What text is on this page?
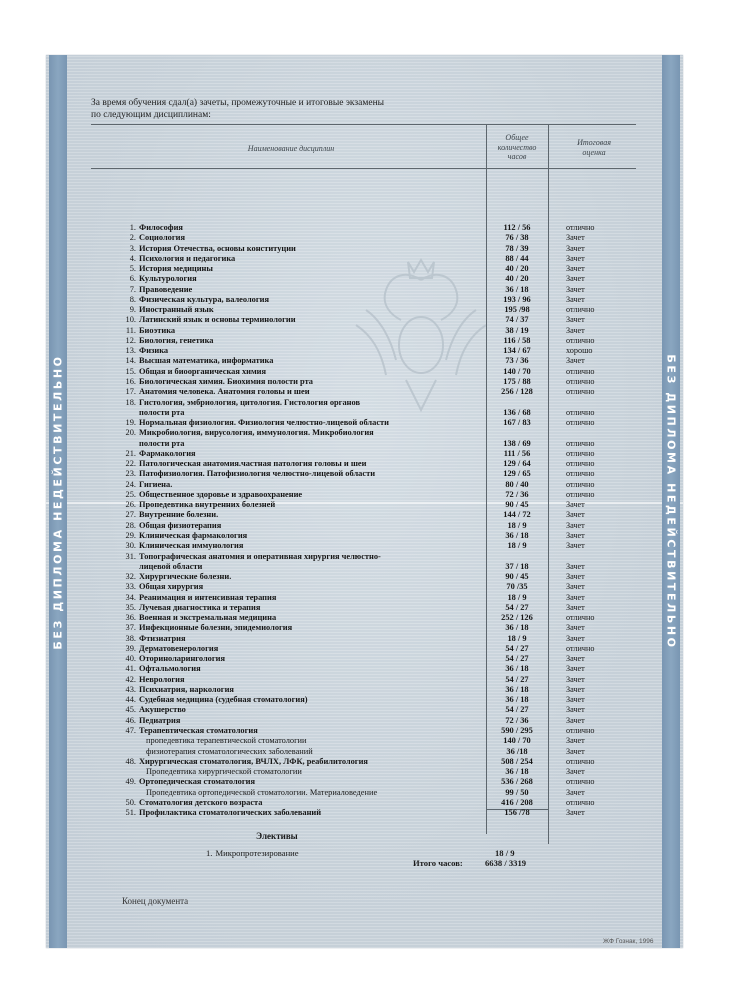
БЕЗ ДИПЛОМА НЕДЕЙСТВИТЕЛЬНО	БЕЗ ДИПЛОМА НЕДЕЙСТВИТЕЛЬНО
За время обучения сдал(а) зачеты, промежуточные и итоговые экзамены
по следующим дисциплинам:
Наименование дисциплин
Общее
количество
часов
Итоговая
оценка
1. Философия	112 / 56	отлично
2. Социология	76 / 38	Зачет
3. История Отечества, основы конституции	78 / 39	Зачет
4. Психология и педагогика	88 / 44	Зачет
5. История медицины	40 / 20	Зачет
6. Культурология	40 / 20	Зачет
7. Правоведение	36 / 18	Зачет
8. Физическая культура, валеология	193 / 96	Зачет
9. Иностранный язык	195 /98	отлично
10. Латинский язык и основы терминологии	74 / 37	Зачет
11. Биоэтика	38 / 19	Зачет
12. Биология, генетика	116 / 58	отлично
13. Физика	134 / 67	хорошо
14. Высшая математика, информатика	73 / 36	Зачет
15. Общая и биоорганическая химия	140 / 70	отлично
16. Биологическая химия. Биохимия полости рта	175 / 88	отлично
17. Анатомия человека. Анатомия головы и шеи	256 / 128	отлично
18. Гистология, эмбриология, цитология. Гистология органов
полости рта	136 / 68	отлично
19. Нормальная физиология. Физиология челюстно-лицевой области	167 / 83	отлично
20. Микробиология, вирусология, иммунология. Микробиология
полости рта	138 / 69	отлично
21. Фармакология	111 / 56	отлично
22. Патологическая анатомия.частная патология головы и шеи	129 / 64	отлично
23. Патофизиология. Патофизиология челюстно-лицевой области	129 / 65	отлично
24. Гигиена.	80 / 40	отлично
25. Общественное здоровье и здравоохранение	72 / 36	отлично
26. Пропедевтика внутренних болезней	90 / 45	Зачет
27. Внутренние болезни.	144 / 72	Зачет
28. Общая физиотерапия	18 / 9	Зачет
29. Клиническая фармакология	36 / 18	Зачет
30. Клиническая иммунология	18 / 9	Зачет
31. Топографическая анатомия и оперативная хирургия челюстно-
лицевой области	37 / 18	Зачет
32. Хирургические болезни.	90 / 45	Зачет
33. Общая хирургия	70 /35	Зачет
34. Реанимация и интенсивная терапия	18 / 9	Зачет
35. Лучевая диагностика и терапия	54 / 27	Зачет
36. Военная и экстремальная медицина	252 / 126	отлично
37. Инфекционные болезни, эпидемиология	36 / 18	Зачет
38. Фтизиатрия	18 / 9	Зачет
39. Дерматовенерология	54 / 27	отлично
40. Оториноларингология	54 / 27	Зачет
41. Офтальмология	36 / 18	Зачет
42. Неврология	54 / 27	Зачет
43. Психиатрия, наркология	36 / 18	Зачет
44. Судебная медицина (судебная стоматология)	36 / 18	Зачет
45. Акушерство	54 / 27	Зачет
46. Педиатрия	72 / 36	Зачет
47. Терапевтическая стоматология	590 / 295	отлично
пропедевтика терапевтической стоматологии	140 / 70	Зачет
физиотерапия стоматологических заболеваний	36 /18	Зачет
48. Хирургическая стоматология, ВЧЛХ, ЛФК, реабилитология	508 / 254	отлично
Пропедевтика хирургической стоматологии	36 / 18	Зачет
49. Ортопедическая стоматология	536 / 268	отлично
Пропедевтика ортопедической стоматологии. Материаловедение	99 / 50	Зачет
50. Стоматология детского возраста	416 / 208	отлично
51. Профилактика стоматологических заболеваний	156 /78	Зачет
Элективы
1. Микропротезирование	18 / 9
Итого часов:	6638 / 3319
Конец документа
ЖФ Гознак, 1996
